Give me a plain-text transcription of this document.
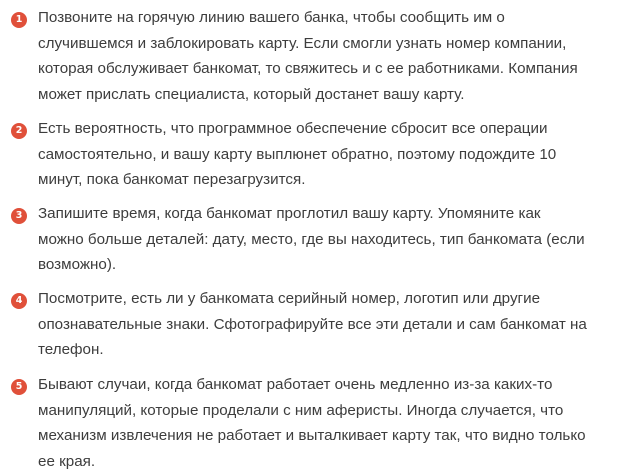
1	Позвоните на горячую линию вашего банка, чтобы сообщить им о
случившемся и заблокировать карту. Если смогли узнать номер компании,
которая обслуживает банкомат, то свяжитесь и с ее работниками. Компания
может прислать специалиста, который достанет вашу карту.

2	Есть вероятность, что программное обеспечение сбросит все операции
самостоятельно, и вашу карту выплюнет обратно, поэтому подождите 10
минут, пока банкомат перезагрузится.

3	Запишите время, когда банкомат проглотил вашу карту. Упомяните как
можно больше деталей: дату, место, где вы находитесь, тип банкомата (если
возможно).

4	Посмотрите, есть ли у банкомата серийный номер, логотип или другие
опознавательные знаки. Сфотографируйте все эти детали и сам банкомат на
телефон.

5	Бывают случаи, когда банкомат работает очень медленно из-за каких-то
манипуляций, которые проделали с ним аферисты. Иногда случается, что
механизм извлечения не работает и выталкивает карту так, что видно только
ее края.
